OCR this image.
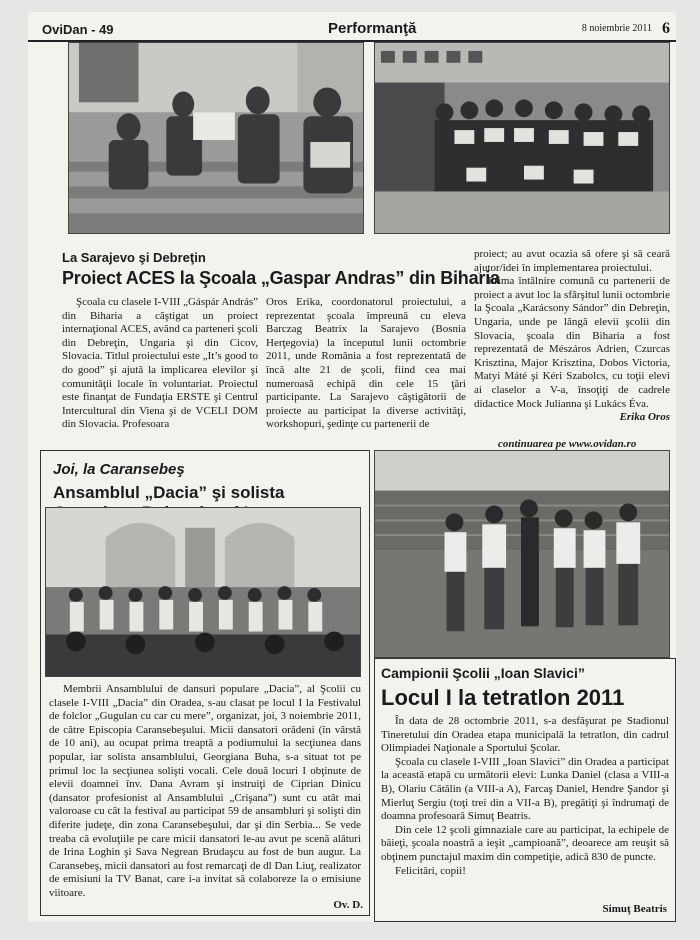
OviDan - 49	Performanţă	8 noiembrie 2011 6
La Sarajevo şi Debreţin
Proiect ACES la Şcoala „Gaspar Andras” din Biharia

Şcoala cu clasele I-VIII „Gáspár András” din Biharia a câştigat un proiect internaţional ACES, având ca parteneri şcoli din Debreţin, Ungaria şi din Cicov, Slovacia. Titlul proiectului este „It’s good to do good” şi ajută la implicarea elevilor şi comunităţii locale în voluntariat. Proiectul este finanţat de Fundaţia ERSTE şi Centrul Intercultural din Viena şi de VCELI DOM din Slovacia. Profesoara

Oros Erika, coordonatorul proiectului, a reprezentat şcoala împreună cu eleva Barczag Beatrix la Sarajevo (Bosnia Herţegovia) la începutul lunii octombrie 2011, unde România a fost reprezentată de încă alte 21 de şcoli, fiind cea mai numeroasă echipă din cele 15 ţări participante. La Sarajevo câştigătorii de proiecte au participat la diverse activităţi, workshopuri, şedinţe cu partenerii de

proiect; au avut ocazia să ofere şi să ceară ajutor/idei în implementarea proiectului.

Prima întâlnire comună cu partenerii de proiect a avut loc la sfârşitul lunii octombrie la Şcoala „Karácsony Sándor” din Debreţin, Ungaria, unde pe lângă elevii şcolii din Slovacia, şcoala din Biharia a fost reprezentată de Mészáros Adrien, Czurcas Krisztina, Major Krisztina, Dobos Victoria, Matyi Máté şi Kéri Szabolcs, cu toţii elevi ai claselor a V-a, însoţiţi de cadrele didactice Mock Julianna şi Lukács Éva.

Erika Oros
continuarea pe www.ovidan.ro
Joi, la Caransebeş
Ansamblul „Dacia” şi solista

Membrii Ansamblului de dansuri populare „Dacia”, al Şcolii cu clasele I-VIII „Dacia” din Oradea, s-au clasat pe locul I la Festivalul de folclor „Gugulan cu car cu mere”, organizat, joi, 3 noiembrie 2011, de către Episcopia Caransebeşului. Micii dansatori orădeni (în vârstă de 10 ani), au ocupat prima treaptă a podiumului la secţiunea dans popular, iar solista ansamblului, Georgiana Buha, s-a situat tot pe primul loc la secţiunea solişti vocali. Cele două locuri I obţinute de elevii doamnei înv. Dana Avram şi instruiţi de Ciprian Dinicu (dansator profesionist al Ansamblului „Crişana”) sunt cu atât mai valoroase cu cât la festival au participat 59 de ansambluri şi solişti din diferite judeţe, din zona Caransebeşului, dar şi din Serbia... Se vede treaba că evoluţiile pe care micii dansatori le-au avut pe scenă alături de Irina Loghin şi Sava Negrean Brudaşcu au fost de bun augur. La Caransebeş, micii dansatori au fost remarcaţi de dl Dan Liuţ, realizator de emisiuni la TV Banat, care i-a invitat să colaboreze la o emisiune viitoare.

Ov. D.
Campionii Şcolii „Ioan Slavici”
Locul I la tetratlon 2011

În data de 28 octombrie 2011, s-a desfăşurat pe Stadionul Tineretului din Oradea etapa municipală la tetratlon, din cadrul Olimpiadei Naţionale a Sportului Şcolar.

Şcoala cu clasele I-VIII „Ioan Slavici” din Oradea a participat la această etapă cu următorii elevi: Lunka Daniel (clasa a VIII-a B), Olariu Cătălin (a VIII-a A), Farcaş Daniel, Hendre Şandor şi Mierluţ Sergiu (toţi trei din a VII-a B), pregătiţi şi îndrumaţi de doamna profesoară Simuţ Beatris.

Din cele 12 şcoli gimnaziale care au participat, la echipele de băieţi, şcoala noastră a ieşit „campioană”, deoarece am reuşit să obţinem punctajul maxim din competiţie, adică 830 de puncte.

Felicitări, copii!

Simuţ Beatris
